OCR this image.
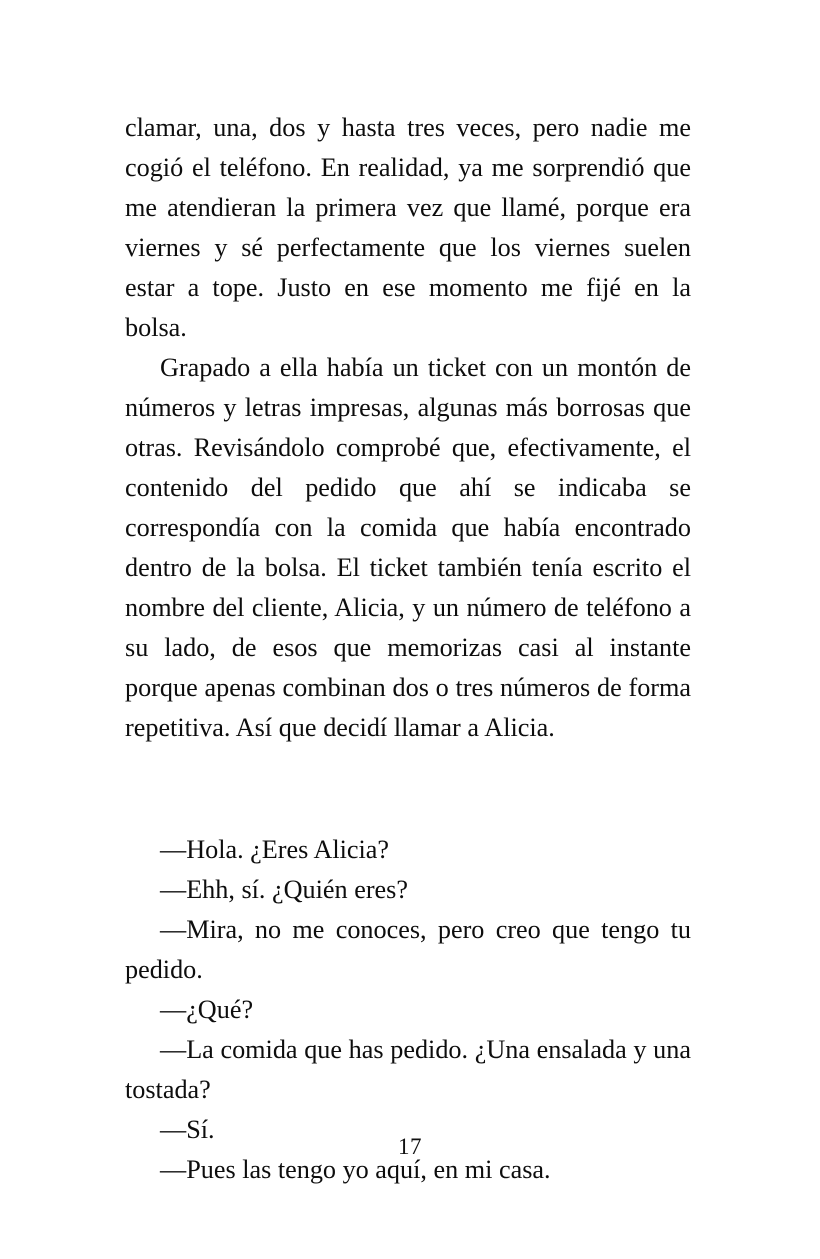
clamar, una, dos y hasta tres veces, pero nadie me cogió el teléfono. En realidad, ya me sorprendió que me atendieran la primera vez que llamé, porque era viernes y sé perfectamente que los viernes suelen estar a tope. Justo en ese momento me fijé en la bolsa.

Grapado a ella había un ticket con un montón de números y letras impresas, algunas más borrosas que otras. Revisándolo comprobé que, efectivamente, el contenido del pedido que ahí se indicaba se correspondía con la comida que había encontrado dentro de la bolsa. El ticket también tenía escrito el nombre del cliente, Alicia, y un número de teléfono a su lado, de esos que memorizas casi al instante porque apenas combinan dos o tres números de forma repetitiva. Así que decidí llamar a Alicia.

—Hola. ¿Eres Alicia?

—Ehh, sí. ¿Quién eres?

—Mira, no me conoces, pero creo que tengo tu pedido.

—¿Qué?

—La comida que has pedido. ¿Una ensalada y una tostada?

—Sí.

—Pues las tengo yo aquí, en mi casa.

17
